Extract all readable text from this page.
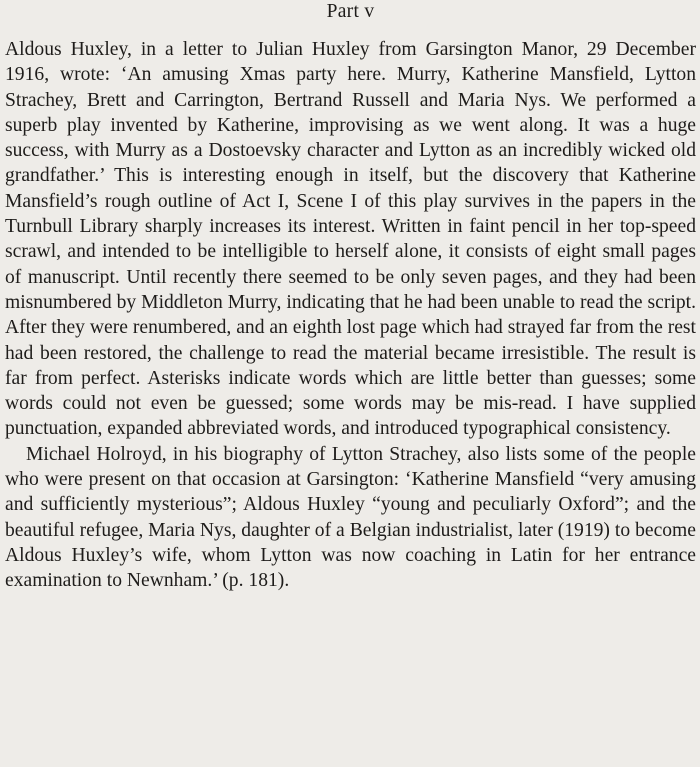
Part v

Aldous Huxley, in a letter to Julian Huxley from Garsington Manor, 29 December 1916, wrote: ‘An amusing Xmas party here. Murry, Katherine Mansfield, Lytton Strachey, Brett and Carrington, Bertrand Russell and Maria Nys. We performed a superb play invented by Katherine, improvising as we went along. It was a huge success, with Murry as a Dostoevsky character and Lytton as an incredibly wicked old grandfather.’ This is interesting enough in itself, but the discovery that Katherine Mansfield’s rough outline of Act I, Scene I of this play survives in the papers in the Turnbull Library sharply increases its interest. Written in faint pencil in her top-speed scrawl, and intended to be intelligible to herself alone, it consists of eight small pages of manuscript. Until recently there seemed to be only seven pages, and they had been misnumbered by Middleton Murry, indicating that he had been unable to read the script. After they were renumbered, and an eighth lost page which had strayed far from the rest had been restored, the challenge to read the material became irresistible. The result is far from perfect. Asterisks indicate words which are little better than guesses; some words could not even be guessed; some words may be mis-read. I have supplied punctuation, expanded abbreviated words, and introduced typographical consistency.

Michael Holroyd, in his biography of Lytton Strachey, also lists some of the people who were present on that occasion at Garsington: ‘Katherine Mansfield “very amusing and sufficiently mysterious”; Aldous Huxley “young and peculiarly Oxford”; and the beautiful refugee, Maria Nys, daughter of a Belgian industrialist, later (1919) to become Aldous Huxley’s wife, whom Lytton was now coaching in Latin for her entrance examination to Newnham.’ (p. 181).
